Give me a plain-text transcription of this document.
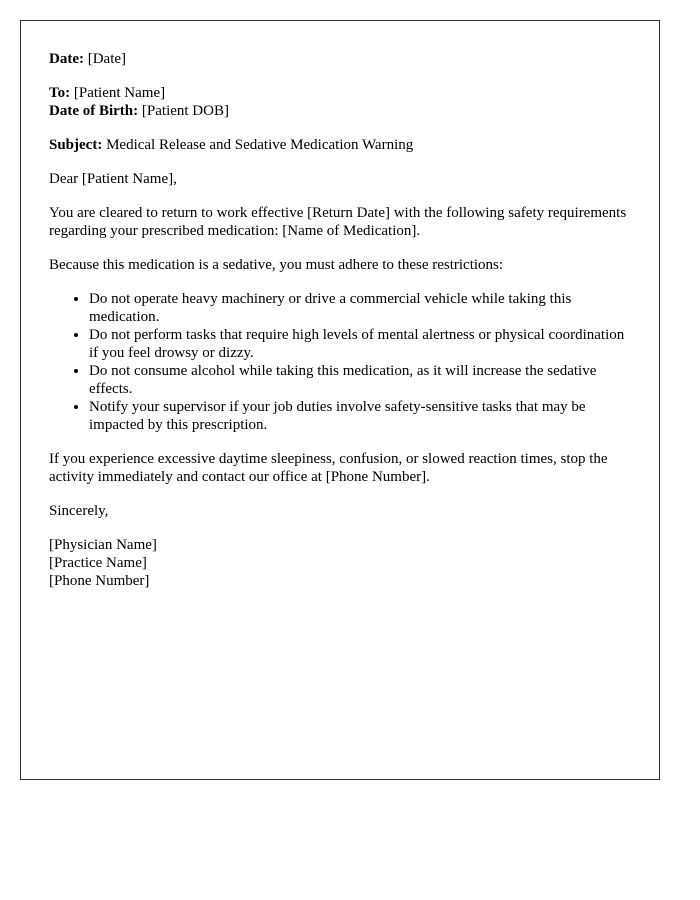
Date: [Date]
To: [Patient Name]
Date of Birth: [Patient DOB]
Subject: Medical Release and Sedative Medication Warning

Dear [Patient Name],

You are cleared to return to work effective [Return Date] with the following safety requirements regarding your prescribed medication: [Name of Medication].

Because this medication is a sedative, you must adhere to these restrictions:

• Do not operate heavy machinery or drive a commercial vehicle while taking this medication.
• Do not perform tasks that require high levels of mental alertness or physical coordination if you feel drowsy or dizzy.
• Do not consume alcohol while taking this medication, as it will increase the sedative effects.
• Notify your supervisor if your job duties involve safety-sensitive tasks that may be impacted by this prescription.

If you experience excessive daytime sleepiness, confusion, or slowed reaction times, stop the activity immediately and contact our office at [Phone Number].

Sincerely,

[Physician Name]
[Practice Name]
[Phone Number]
